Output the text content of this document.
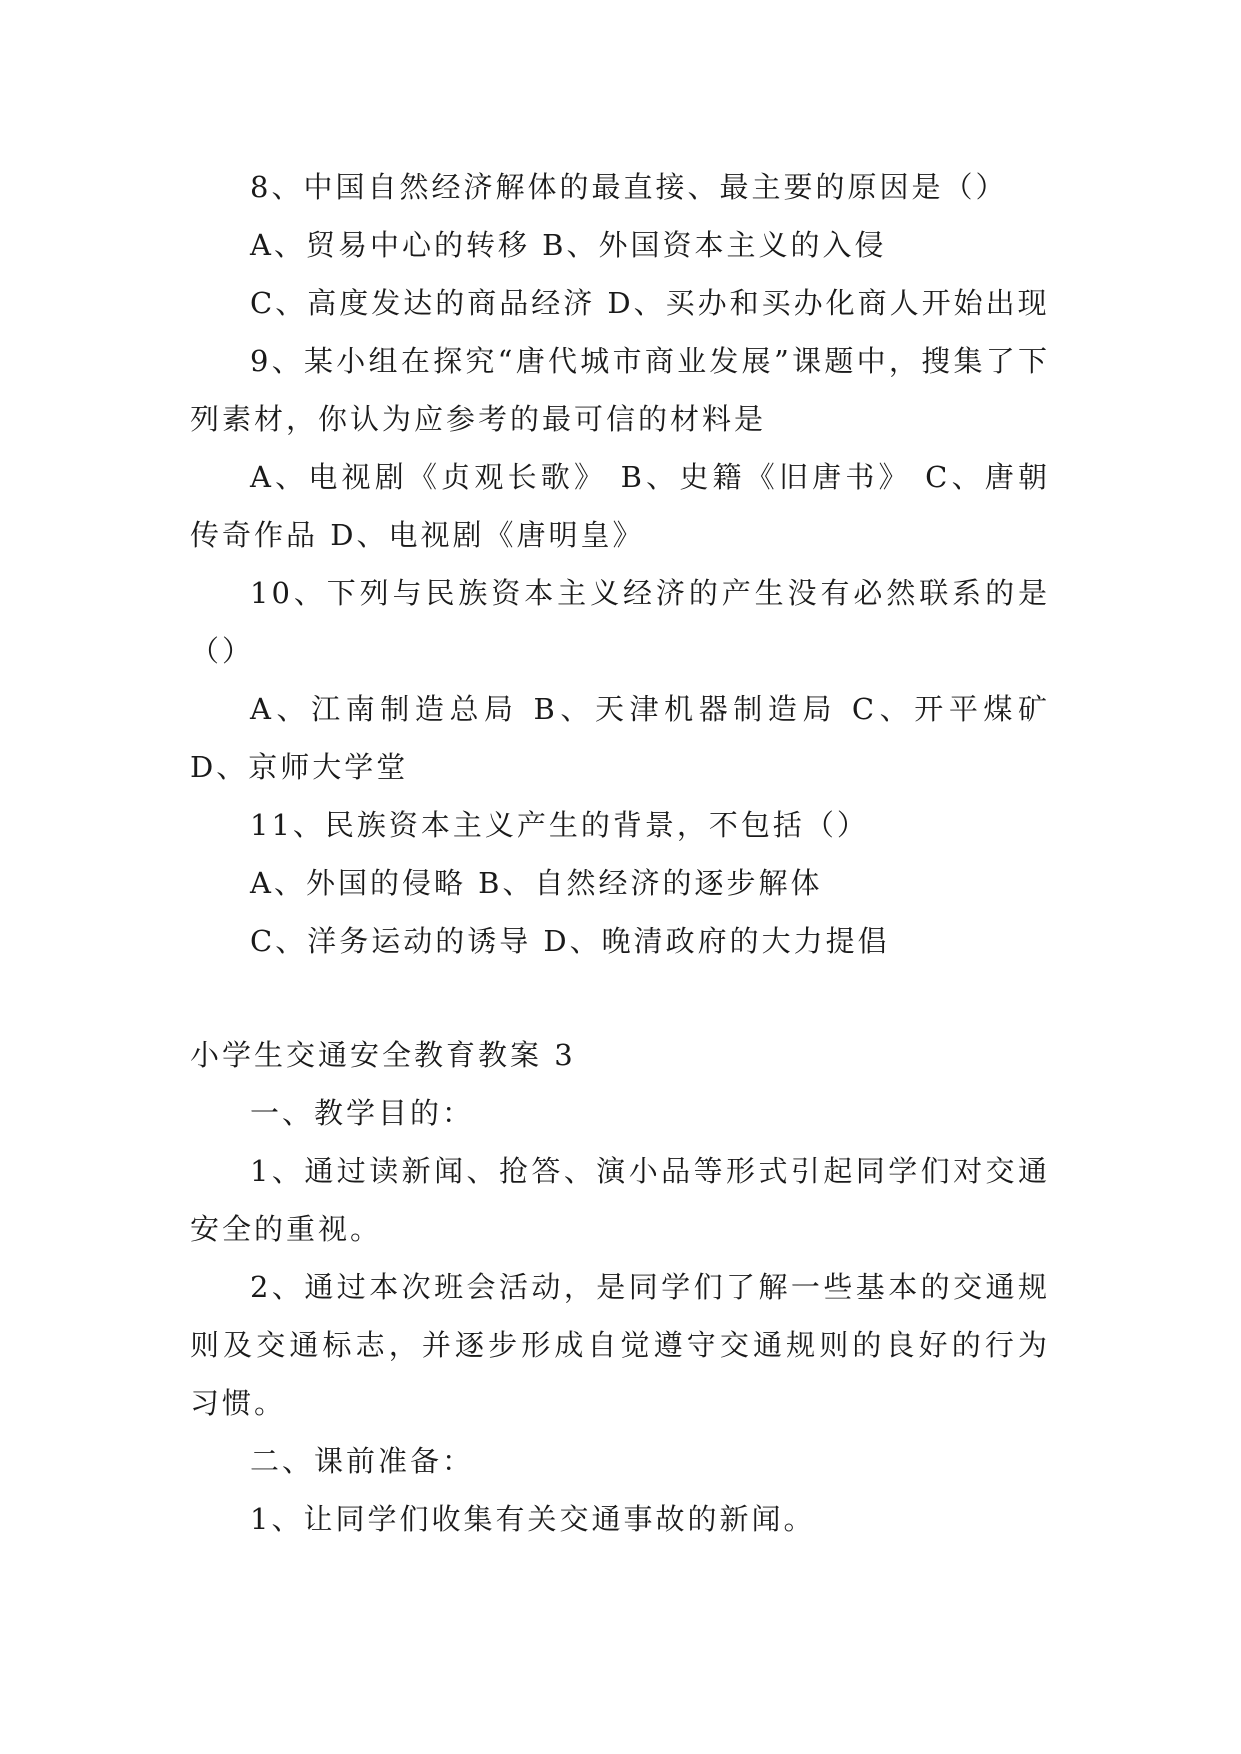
8、中国自然经济解体的最直接、最主要的原因是（）

A、贸易中心的转移 B、外国资本主义的入侵

C、高度发达的商品经济 D、买办和买办化商人开始出现

9、某小组在探究“唐代城市商业发展”课题中，搜集了下列素材，你认为应参考的最可信的材料是

A、电视剧《贞观长歌》 B、史籍《旧唐书》 C、唐朝传奇作品 D、电视剧《唐明皇》

10、下列与民族资本主义经济的产生没有必然联系的是（）

A、江南制造总局 B、天津机器制造局 C、开平煤矿 D、京师大学堂

11、民族资本主义产生的背景，不包括（）

A、外国的侵略 B、自然经济的逐步解体

C、洋务运动的诱导 D、晚清政府的大力提倡

小学生交通安全教育教案 3

一、教学目的：

1、通过读新闻、抢答、演小品等形式引起同学们对交通安全的重视。

2、通过本次班会活动，是同学们了解一些基本的交通规则及交通标志，并逐步形成自觉遵守交通规则的良好的行为习惯。

二、课前准备：

1、让同学们收集有关交通事故的新闻。
